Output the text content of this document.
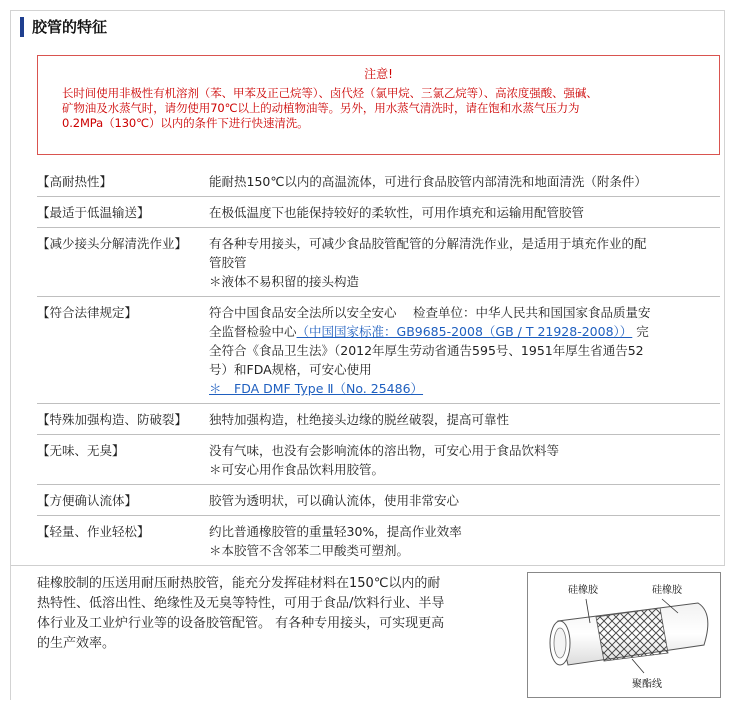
胶管的特征
注意!
长时间使用非极性有机溶剂（苯、甲苯及正己烷等）、卤代烃（氯甲烷、三氯乙烷等）、高浓度强酸、强碱、
矿物油及水蒸气时，请勿使用70℃以上的动植物油等。另外，用水蒸气清洗时，请在饱和水蒸气压力为
0.2MPa（130℃）以内的条件下进行快速清洗。
【高耐热性】	能耐热150℃以内的高温流体，可进行食品胶管内部清洗和地面清洗（附条件）
【最适于低温输送】	在极低温度下也能保持较好的柔软性，可用作填充和运输用配管胶管
【减少接头分解清洗作业】	有各种专用接头，可减少食品胶管配管的分解清洗作业，是适用于填充作业的配
管胶管
＊液体不易积留的接头构造
【符合法律规定】	符合中国食品安全法所以安全安心　 检查单位：中华人民共和国国家食品质量安
全监督检验中心（中国国家标准：GB9685-2008（GB / T 21928-2008）） 完
全符合《食品卫生法》（2012年厚生劳动省通告595号、1951年厚生省通告52
号）和FDA规格，可安心使用
＊　FDA DMF Type Ⅱ（No. 25486）
【特殊加强构造、防破裂】	独特加强构造，杜绝接头边缘的脱丝破裂，提高可靠性
【无味、无臭】	没有气味，也没有会影响流体的溶出物，可安心用于食品饮料等
＊可安心用作食品饮料用胶管。
【方便确认流体】	胶管为透明状，可以确认流体，使用非常安心
【轻量、作业轻松】	约比普通橡胶管的重量轻30%，提高作业效率
＊本胶管不含邻苯二甲酸类可塑剂。
硅橡胶制的压送用耐压耐热胶管，能充分发挥硅材料在150℃以内的耐
热特性、低溶出性、绝缘性及无臭等特性，可用于食品/饮料行业、半导
体行业及工业炉行业等的设备胶管配管。 有各种专用接头，可实现更高
的生产效率。
硅橡胶	硅橡胶
聚酯线
